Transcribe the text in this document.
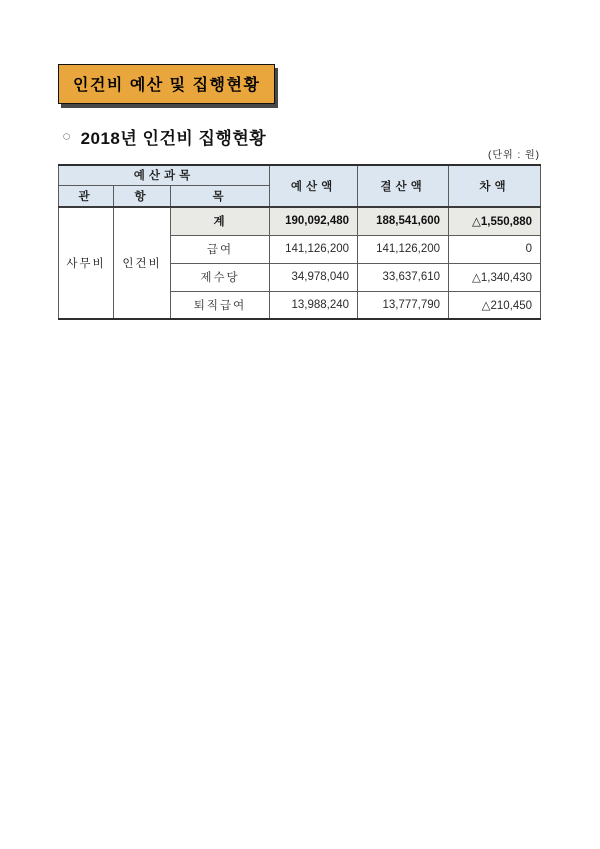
인건비 예산 및 집행현황
○ 2018년 인건비 집행현황
(단위 : 원)
예산과목			예산액	결산액	차액
관	항	목			
사무비	인건비	계	190,092,480	188,541,600	△1,550,880
		급여	141,126,200	141,126,200	0
		제수당	34,978,040	33,637,610	△1,340,430
		퇴직급여	13,988,240	13,777,790	△210,450
